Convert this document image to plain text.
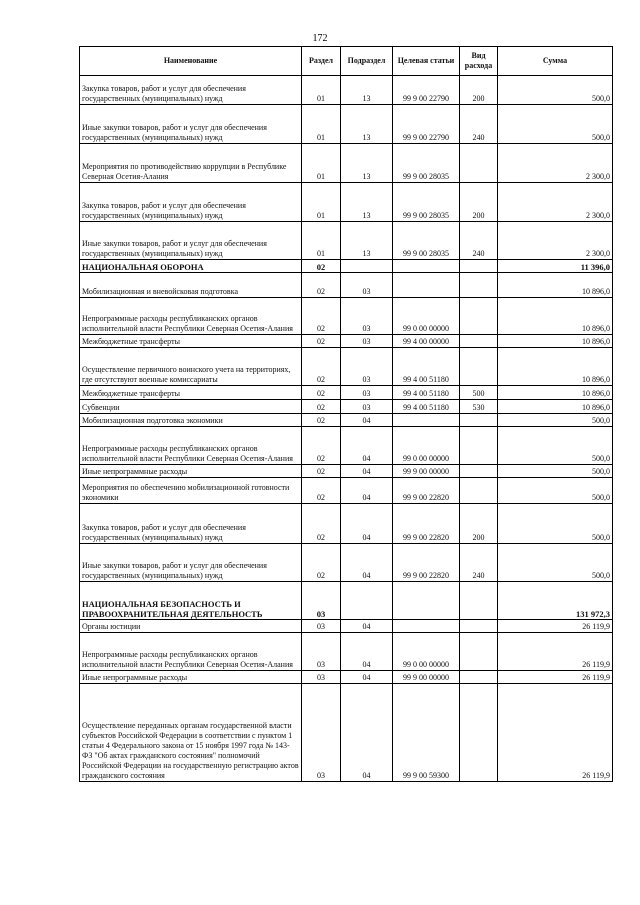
172
Наименование	Раздел	Подраздел	Целевая статьи	Вид расхода	Сумма
Закупка товаров, работ и услуг для обеспечения государственных (муниципальных) нужд	01	13	99 9 00 22790	200	500,0
Иные закупки товаров, работ и услуг для обеспечения государственных (муниципальных) нужд	01	13	99 9 00 22790	240	500,0
Мероприятия по противодействию коррупции в Республике Северная Осетия-Алания	01	13	99 9 00 28035		2 300,0
Закупка товаров, работ и услуг для обеспечения государственных (муниципальных) нужд	01	13	99 9 00 28035	200	2 300,0
Иные закупки товаров, работ и услуг для обеспечения государственных (муниципальных) нужд	01	13	99 9 00 28035	240	2 300,0
НАЦИОНАЛЬНАЯ ОБОРОНА	02				11 396,0
Мобилизационная и вневойсковая подготовка	02	03			10 896,0
Непрограммные расходы республиканских органов исполнительной власти Республики Северная Осетия-Алания	02	03	99 0 00 00000		10 896,0
Межбюджетные трансферты	02	03	99 4 00 00000		10 896,0
Осуществление первичного воинского учета на территориях, где отсутствуют военные комиссариаты	02	03	99 4 00 51180		10 896,0
Межбюджетные трансферты	02	03	99 4 00 51180	500	10 896,0
Субвенции	02	03	99 4 00 51180	530	10 896,0
Мобилизационная подготовка экономики	02	04			500,0
Непрограммные расходы республиканских органов исполнительной власти Республики Северная Осетия-Алания	02	04	99 0 00 00000		500,0
Иные непрограммные расходы	02	04	99 9 00 00000		500,0
Мероприятия по обеспечению мобилизационной готовности экономики	02	04	99 9 00 22820		500,0
Закупка товаров, работ и услуг для обеспечения государственных (муниципальных) нужд	02	04	99 9 00 22820	200	500,0
Иные закупки товаров, работ и услуг для обеспечения государственных (муниципальных) нужд	02	04	99 9 00 22820	240	500,0
НАЦИОНАЛЬНАЯ БЕЗОПАСНОСТЬ И ПРАВООХРАНИТЕЛЬНАЯ ДЕЯТЕЛЬНОСТЬ	03				131 972,3
Органы юстиции	03	04			26 119,9
Непрограммные расходы республиканских органов исполнительной власти Республики Северная Осетия-Алания	03	04	99 0 00 00000		26 119,9
Иные непрограммные расходы	03	04	99 9 00 00000		26 119,9
Осуществление переданных органам государственной власти субъектов Российской Федерации в соответствии с пунктом 1 статьи 4 Федерального закона от 15 ноября 1997 года № 143-ФЗ "Об актах гражданского состояния" полномочий Российской Федерации на государственную регистрацию актов гражданского состояния	03	04	99 9 00 59300		26 119,9
